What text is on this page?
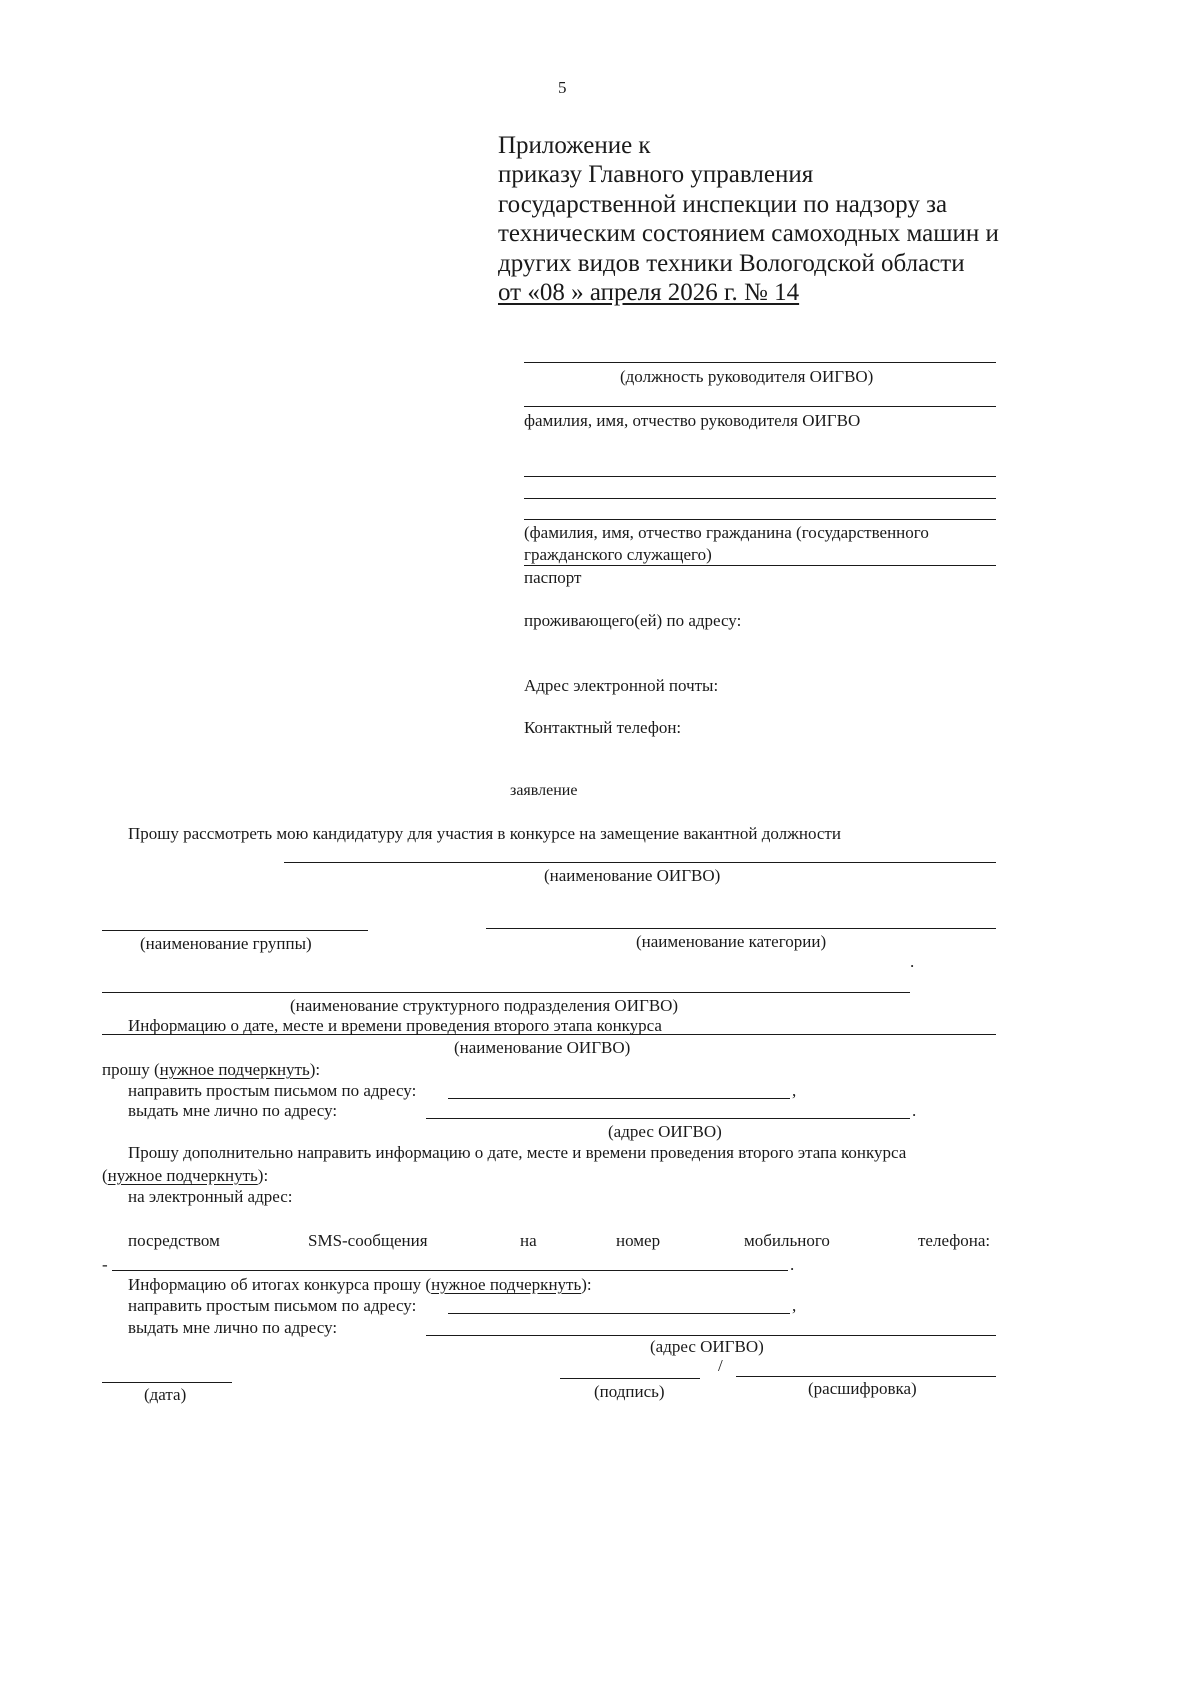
5
Приложение к
приказу Главного управления
государственной инспекции по надзору за
техническим состоянием самоходных машин и
других видов техники Вологодской области
от «08 » апреля 2026 г. № 14
(должность руководителя ОИГВО)
фамилия, имя, отчество руководителя ОИГВО
(фамилия, имя, отчество гражданина (государственного
гражданского служащего)
паспорт
проживающего(ей) по адресу:
Адрес электронной почты:
Контактный телефон:
заявление
Прошу рассмотреть мою кандидатуру для участия в конкурсе на замещение вакантной должности
(наименование ОИГВО)
(наименование группы)	(наименование категории)
.
(наименование структурного подразделения ОИГВО)
Информацию о дате, месте и времени проведения второго этапа конкурса
(наименование ОИГВО)
прошу (нужное подчеркнуть):
направить простым письмом по адресу:	,
выдать мне лично по адресу:	.
(адрес ОИГВО)
Прошу дополнительно направить информацию о дате, месте и времени проведения второго этапа конкурса
(нужное подчеркнуть):
на электронный адрес:
посредством	SMS-сообщения	на	номер	мобильного	телефона:
-	.
Информацию об итогах конкурса прошу (нужное подчеркнуть):
направить простым письмом по адресу:	,
выдать мне лично по адресу:
(адрес ОИГВО)
/
(дата)	(подпись)	(расшифровка)
